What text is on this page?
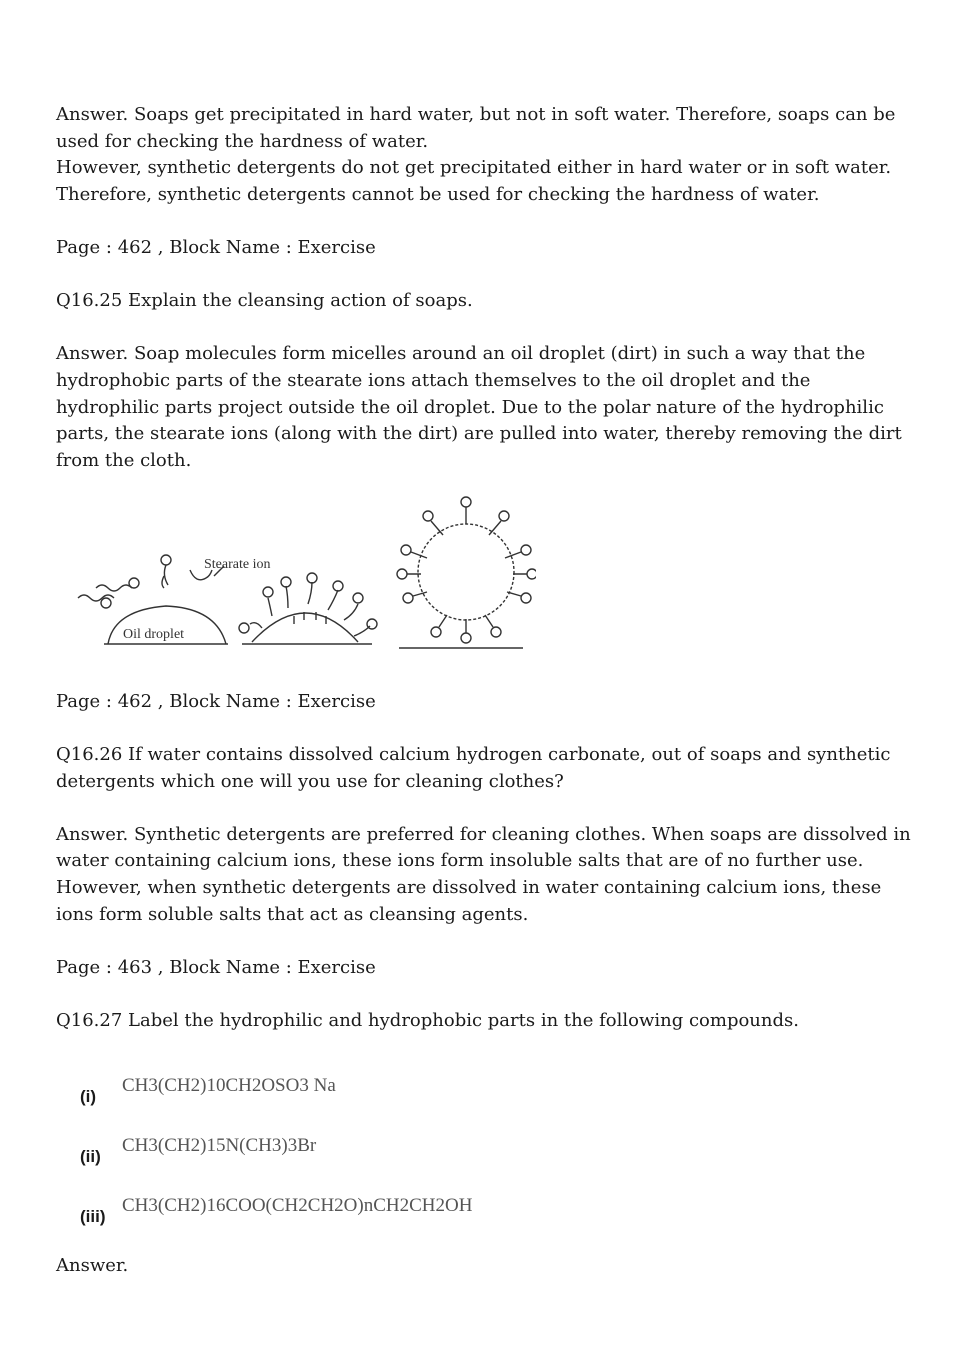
Answer. Soaps get precipitated in hard water, but not in soft water. Therefore, soaps can be used for checking the hardness of water.

However, synthetic detergents do not get precipitated either in hard water or in soft water. Therefore, synthetic detergents cannot be used for checking the hardness of water.

Page : 462 , Block Name : Exercise

Q16.25 Explain the cleansing action of soaps.

Answer. Soap molecules form micelles around an oil droplet (dirt) in such a way that the hydrophobic parts of the stearate ions attach themselves to the oil droplet and the hydrophilic parts project outside the oil droplet. Due to the polar nature of the hydrophilic parts, the stearate ions (along with the dirt) are pulled into water, thereby removing the dirt from the cloth.

Stearate ion
Oil droplet

Page : 462 , Block Name : Exercise

Q16.26 If water contains dissolved calcium hydrogen carbonate, out of soaps and synthetic detergents which one will you use for cleaning clothes?

Answer. Synthetic detergents are preferred for cleaning clothes. When soaps are dissolved in water containing calcium ions, these ions form insoluble salts that are of no further use. However, when synthetic detergents are dissolved in water containing calcium ions, these ions form soluble salts that act as cleansing agents.

Page : 463 , Block Name : Exercise

Q16.27 Label the hydrophilic and hydrophobic parts in the following compounds.

(i)
CH3(CH2)10CH2OSO3 Na
(ii)
CH3(CH2)15N(CH3)3Br
(iii)
CH3(CH2)16COO(CH2CH2O)nCH2CH2OH

Answer.
